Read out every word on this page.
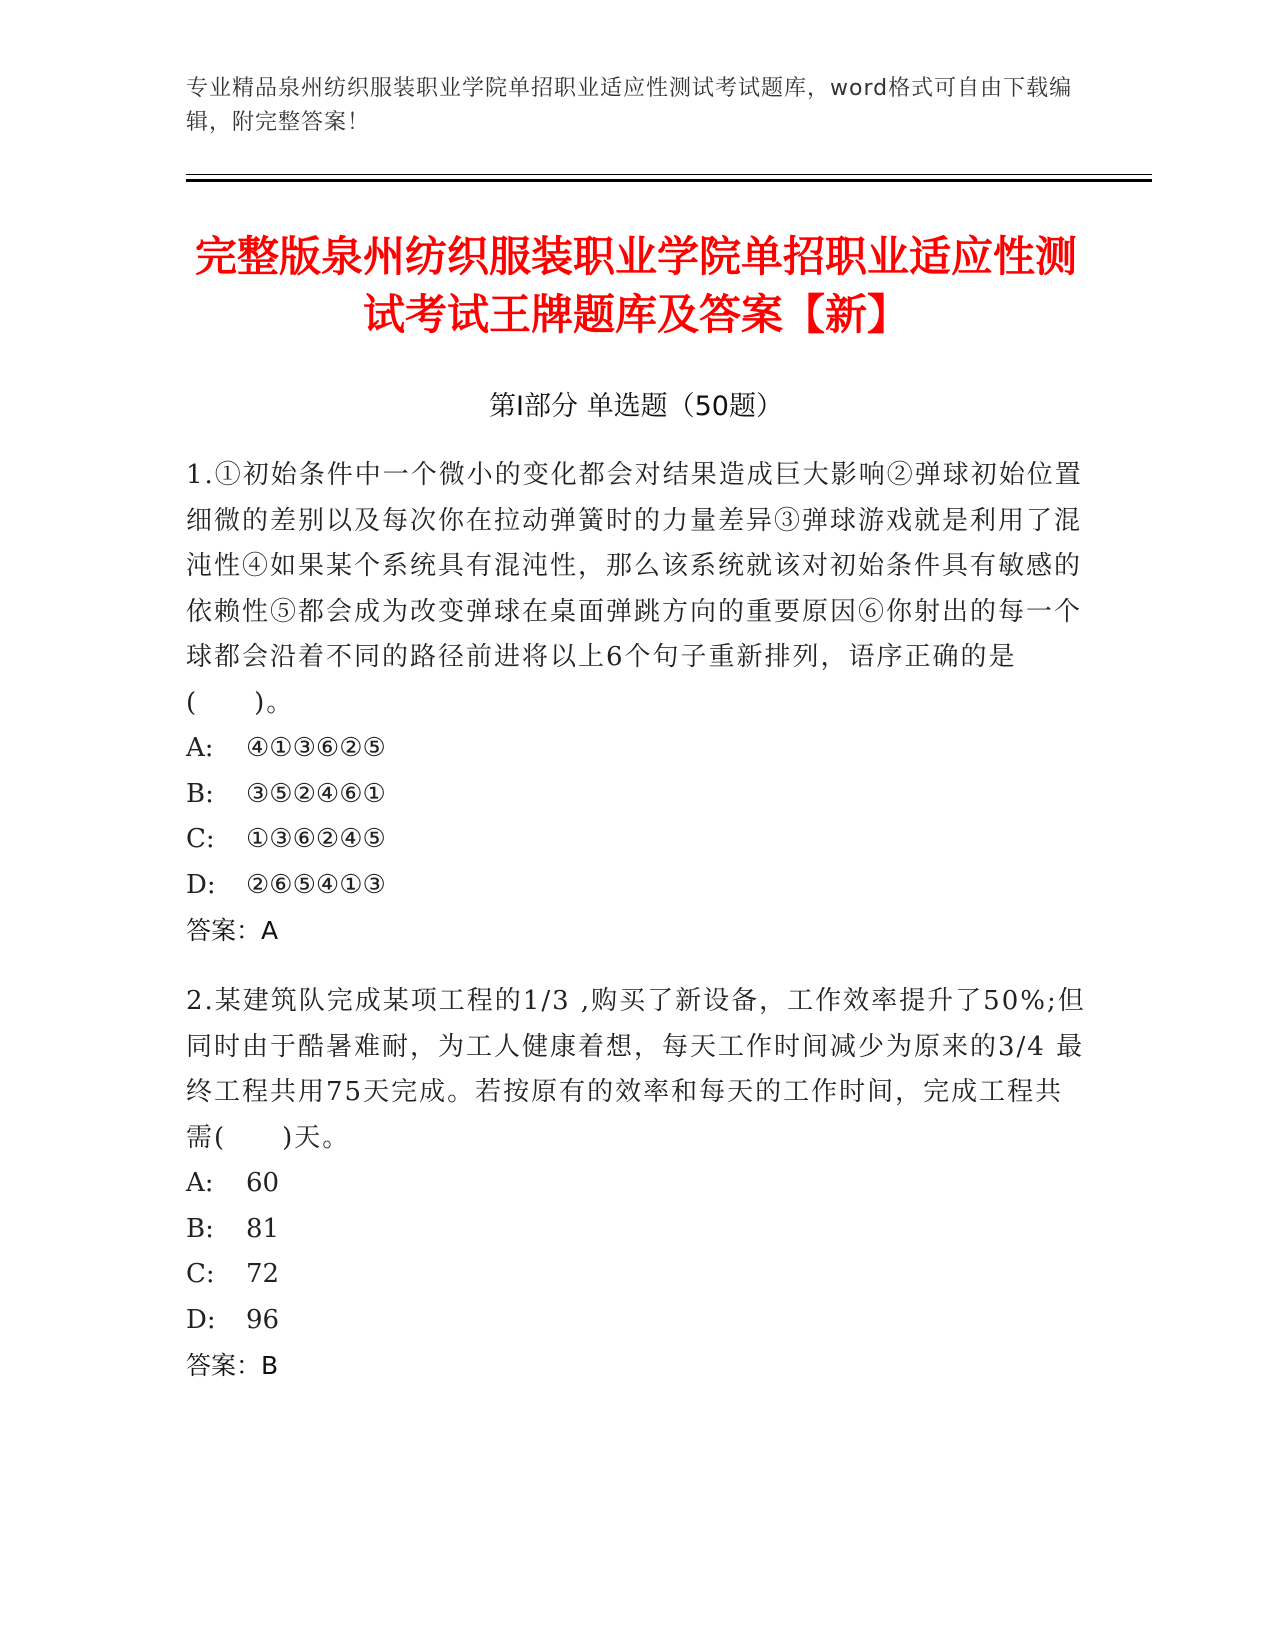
专业精品泉州纺织服装职业学院单招职业适应性测试考试题库，word格式可自由下载编辑，附完整答案！
完整版泉州纺织服装职业学院单招职业适应性测试考试王牌题库及答案【新】
第I部分 单选题（50题）

1.①初始条件中一个微小的变化都会对结果造成巨大影响②弹球初始位置细微的差别以及每次你在拉动弹簧时的力量差异③弹球游戏就是利用了混沌性④如果某个系统具有混沌性，那么该系统就该对初始条件具有敏感的依赖性⑤都会成为改变弹球在桌面弹跳方向的重要原因⑥你射出的每一个球都会沿着不同的路径前进将以上6个句子重新排列，语序正确的是(　　)。

A:	④①③⑥②⑤
B:	③⑤②④⑥①
C:	①③⑥②④⑤
D:	②⑥⑤④①③
答案：A

2.某建筑队完成某项工程的1/3 ,购买了新设备，工作效率提升了50%;但同时由于酷暑难耐，为工人健康着想，每天工作时间减少为原来的3/4 最终工程共用75天完成。若按原有的效率和每天的工作时间，完成工程共需(　　)天。

A:	60
B:	81
C:	72
D:	96
答案：B
